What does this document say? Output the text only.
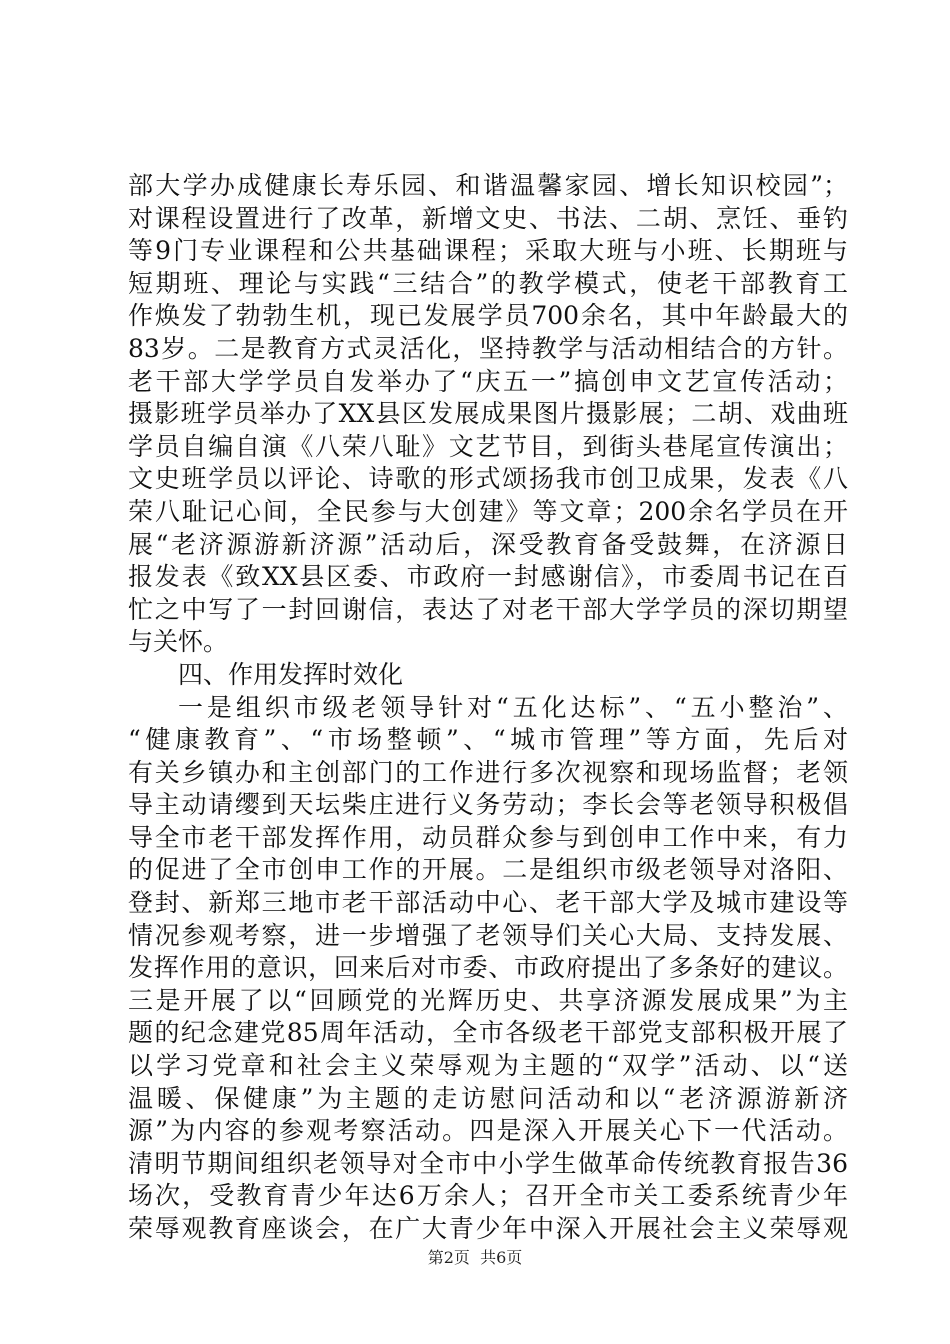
部大学办成健康长寿乐园、和谐温馨家园、增长知识校园”；
对课程设置进行了改革，新增文史、书法、二胡、烹饪、垂钓
等9门专业课程和公共基础课程；采取大班与小班、长期班与
短期班、理论与实践“三结合”的教学模式，使老干部教育工
作焕发了勃勃生机，现已发展学员700余名，其中年龄最大的
83岁。二是教育方式灵活化，坚持教学与活动相结合的方针。
老干部大学学员自发举办了“庆五一”搞创申文艺宣传活动；
摄影班学员举办了XX县区发展成果图片摄影展；二胡、戏曲班
学员自编自演《八荣八耻》文艺节目，到街头巷尾宣传演出；
文史班学员以评论、诗歌的形式颂扬我市创卫成果，发表《八
荣八耻记心间，全民参与大创建》等文章；200余名学员在开
展“老济源游新济源”活动后，深受教育备受鼓舞，在济源日
报发表《致XX县区委、市政府一封感谢信》，市委周书记在百
忙之中写了一封回谢信，表达了对老干部大学学员的深切期望
与关怀。
四、作用发挥时效化
一是组织市级老领导针对“五化达标”、“五小整治”、
“健康教育”、“市场整顿”、“城市管理”等方面，先后对
有关乡镇办和主创部门的工作进行多次视察和现场监督；老领
导主动请缨到天坛柴庄进行义务劳动；李长会等老领导积极倡
导全市老干部发挥作用，动员群众参与到创申工作中来，有力
的促进了全市创申工作的开展。二是组织市级老领导对洛阳、
登封、新郑三地市老干部活动中心、老干部大学及城市建设等
情况参观考察，进一步增强了老领导们关心大局、支持发展、
发挥作用的意识，回来后对市委、市政府提出了多条好的建议。
三是开展了以“回顾党的光辉历史、共享济源发展成果”为主
题的纪念建党85周年活动，全市各级老干部党支部积极开展了
以学习党章和社会主义荣辱观为主题的“双学”活动、以“送
温暖、保健康”为主题的走访慰问活动和以“老济源游新济
源”为内容的参观考察活动。四是深入开展关心下一代活动。
清明节期间组织老领导对全市中小学生做革命传统教育报告36
场次，受教育青少年达6万余人；召开全市关工委系统青少年
荣辱观教育座谈会，在广大青少年中深入开展社会主义荣辱观
第2页  共6页
